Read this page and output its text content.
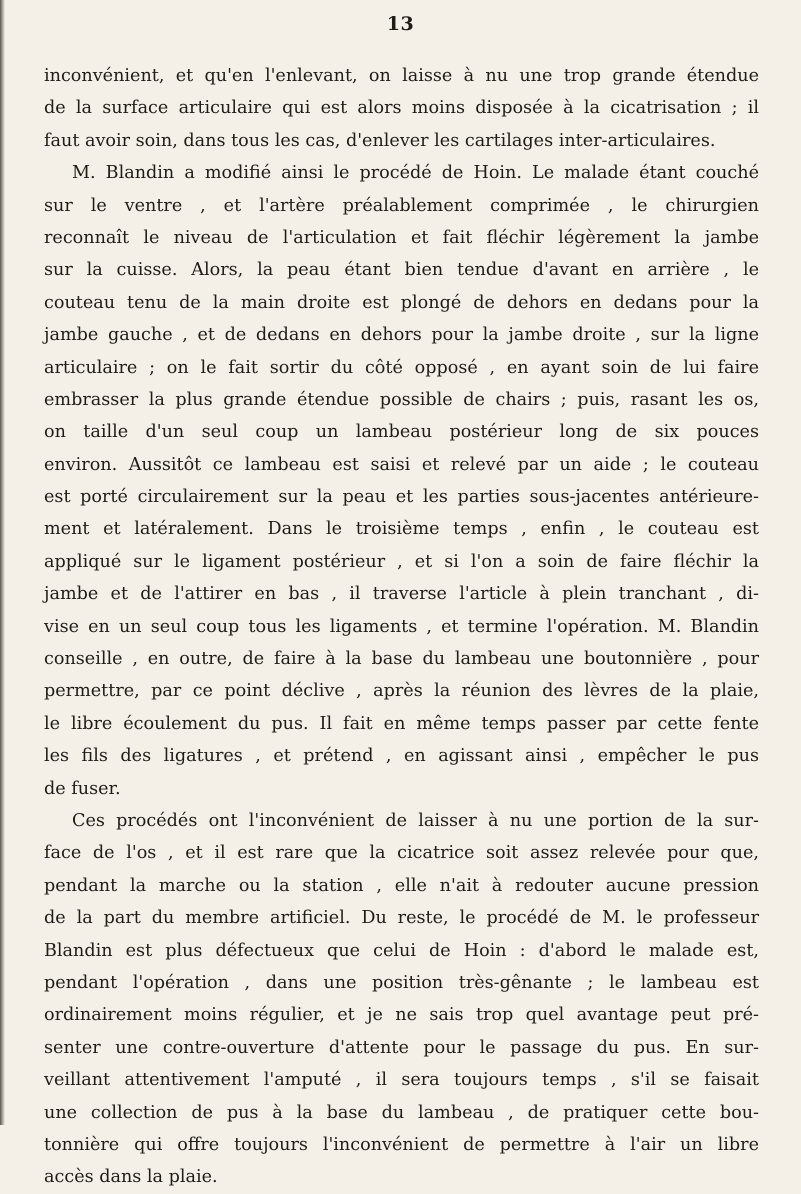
13
inconvénient, et qu'en l'enlevant, on laisse à nu une trop grande étendue
de la surface articulaire qui est alors moins disposée à la cicatrisation ; il
faut avoir soin, dans tous les cas, d'enlever les cartilages inter-articulaires.
M. Blandin a modifié ainsi le procédé de Hoin. Le malade étant couché
sur le ventre , et l'artère préalablement comprimée , le chirurgien
reconnaît le niveau de l'articulation et fait fléchir légèrement la jambe
sur la cuisse. Alors, la peau étant bien tendue d'avant en arrière , le
couteau tenu de la main droite est plongé de dehors en dedans pour la
jambe gauche , et de dedans en dehors pour la jambe droite , sur la ligne
articulaire ; on le fait sortir du côté opposé , en ayant soin de lui faire
embrasser la plus grande étendue possible de chairs ; puis, rasant les os,
on taille d'un seul coup un lambeau postérieur long de six pouces
environ. Aussitôt ce lambeau est saisi et relevé par un aide ; le couteau
est porté circulairement sur la peau et les parties sous-jacentes antérieure-
ment et latéralement. Dans le troisième temps , enfin , le couteau est
appliqué sur le ligament postérieur , et si l'on a soin de faire fléchir la
jambe et de l'attirer en bas , il traverse l'article à plein tranchant , di-
vise en un seul coup tous les ligaments , et termine l'opération. M. Blandin
conseille , en outre, de faire à la base du lambeau une boutonnière , pour
permettre, par ce point déclive , après la réunion des lèvres de la plaie,
le libre écoulement du pus. Il fait en même temps passer par cette fente
les fils des ligatures , et prétend , en agissant ainsi , empêcher le pus
de fuser.
Ces procédés ont l'inconvénient de laisser à nu une portion de la sur-
face de l'os , et il est rare que la cicatrice soit assez relevée pour que,
pendant la marche ou la station , elle n'ait à redouter aucune pression
de la part du membre artificiel. Du reste, le procédé de M. le professeur
Blandin est plus défectueux que celui de Hoin : d'abord le malade est,
pendant l'opération , dans une position très-gênante ; le lambeau est
ordinairement moins régulier, et je ne sais trop quel avantage peut pré-
senter une contre-ouverture d'attente pour le passage du pus. En sur-
veillant attentivement l'amputé , il sera toujours temps , s'il se faisait
une collection de pus à la base du lambeau , de pratiquer cette bou-
tonnière qui offre toujours l'inconvénient de permettre à l'air un libre
accès dans la plaie.
